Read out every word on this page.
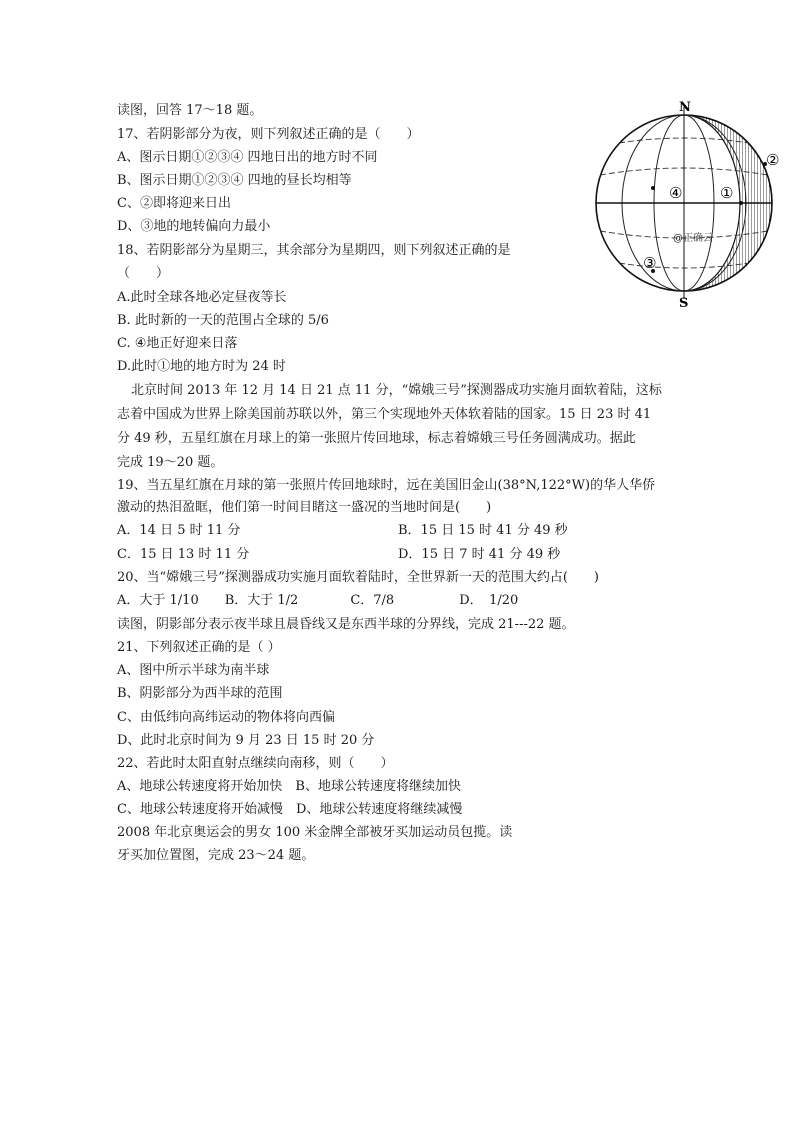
读图，回答 17～18 题。
17、若阴影部分为夜，则下列叙述正确的是（　　）
A、图示日期①②③④ 四地日出的地方时不同
B、图示日期①②③④ 四地的昼长均相等
C、②即将迎来日出
D、③地的地转偏向力最小
18、若阴影部分为星期三，其余部分为星期四，则下列叙述正确的是
（　　）
A.此时全球各地必定昼夜等长
B. 此时新的一天的范围占全球的 5/6
C. ④地正好迎来日落
D.此时①地的地方时为 24 时
北京时间 2013 年 12 月 14 日 21 点 11 分，“嫦娥三号”探测器成功实施月面软着陆，这标
志着中国成为世界上除美国前苏联以外，第三个实现地外天体软着陆的国家。15 日 23 时 41
分 49 秒，五星红旗在月球上的第一张照片传回地球，标志着嫦娥三号任务圆满成功。据此
完成 19～20 题。
19、当五星红旗在月球的第一张照片传回地球时，远在美国旧金山(38°N,122°W)的华人华侨
激动的热泪盈眶，他们第一时间目睹这一盛况的当地时间是(　　)
A．14 日 5 时 11 分	B．15 日 15 时 41 分 49 秒
C．15 日 13 时 11 分	D．15 日 7 时 41 分 49 秒
20、当“嫦娥三号”探测器成功实施月面软着陆时，全世界新一天的范围大约占(　　)
A．大于 1/10　　B．大于 1/2　　　　C．7/8　　　　　D．　1/20
读图，阴影部分表示夜半球且晨昏线又是东西半球的分界线，完成 21---22 题。
21、下列叙述正确的是（ ）
A、图中所示半球为南半球
B、阴影部分为西半球的范围
C、由低纬向高纬运动的物体将向西偏
D、此时北京时间为 9 月 23 日 15 时 20 分
22、若此时太阳直射点继续向南移，则（　　）
A、地球公转速度将开始加快　B、地球公转速度将继续加快
C、地球公转速度将开始减慢　D、地球公转速度将继续减慢
2008 年北京奥运会的男女 100 米金牌全部被牙买加运动员包揽。读
牙买加位置图，完成 23～24 题。
N
S
①
②
③
④
@正确云
